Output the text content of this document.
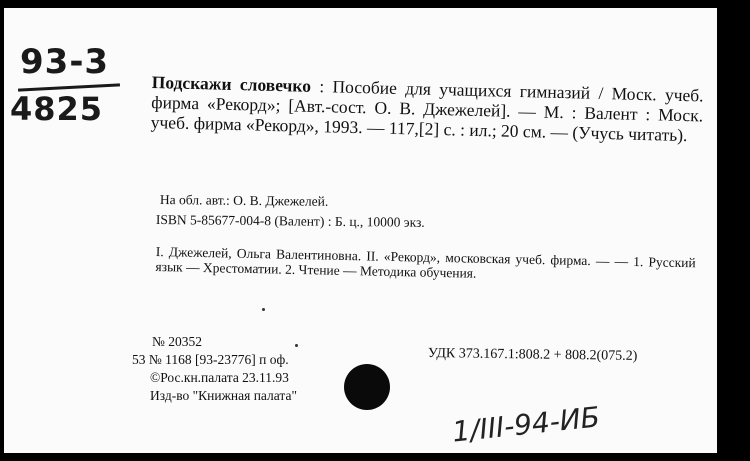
93-3
4825
Подскажи словечко : Пособие для учащихся гимназий / Моск. учеб. фирма «Рекорд»; [Авт.-сост. О. В. Джежелей]. — М. : Валент : Моск. учеб. фирма «Рекорд», 1993. — 117,[2] с. : ил.; 20 см. — (Учусь читать).
На обл. авт.: О. В. Джежелей.
ISBN 5-85677-004-8 (Валент) : Б. ц., 10000 экз.
I. Джежелей, Ольга Валентиновна. II. «Рекорд», московская учеб. фирма. — — 1. Русский язык — Хрестоматии. 2. Чтение — Методика обучения.
№ 20352
53 № 1168 [93-23776] п оф.
©Рос.кн.палата 23.11.93
Изд-во "Книжная палата"
УДК 373.167.1:808.2 + 808.2(075.2)
1/III-94-ИБ
